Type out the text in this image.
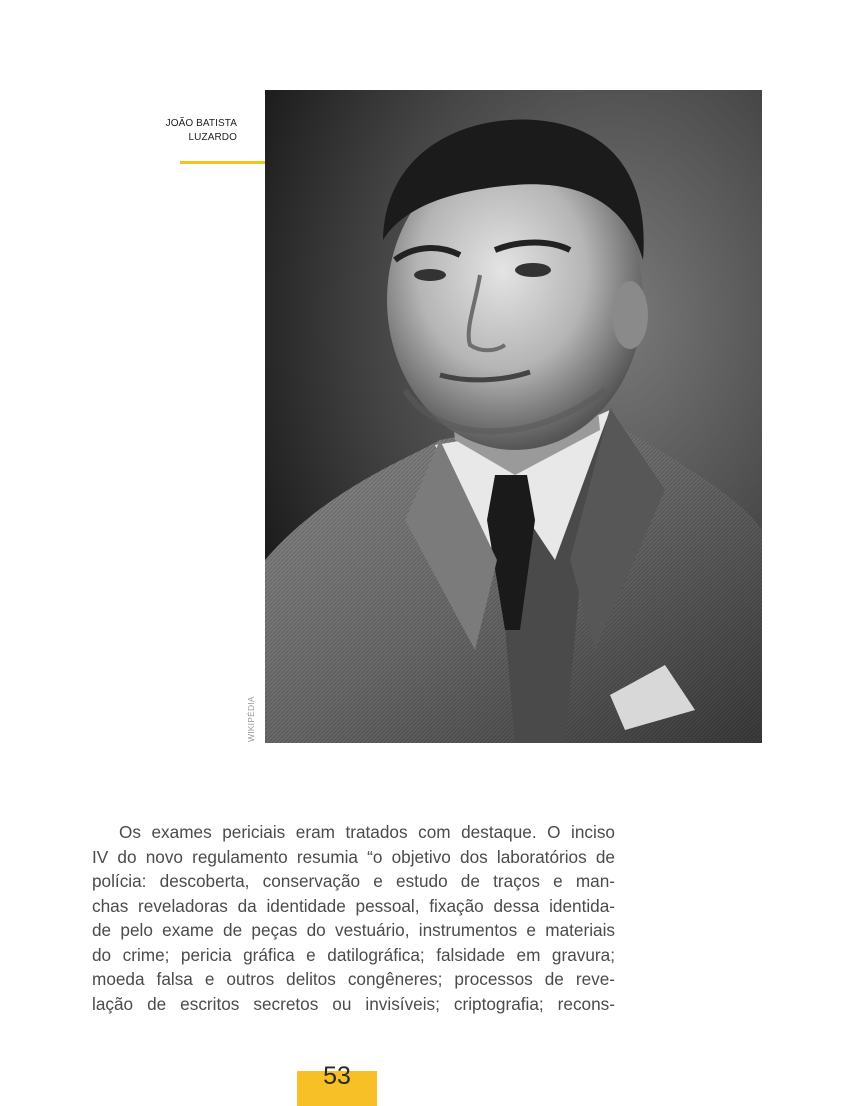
JOÃO BATISTA
LUZARDO
WIKIPÉDIA
Os exames periciais eram tratados com destaque. O inciso
IV do novo regulamento resumia “o objetivo dos laboratórios de
polícia: descoberta, conservação e estudo de traços e man-
chas reveladoras da identidade pessoal, fixação dessa identida-
de pelo exame de peças do vestuário, instrumentos e materiais
do crime; pericia gráfica e datilográfica; falsidade em gravura;
moeda falsa e outros delitos congêneres; processos de reve-
lação de escritos secretos ou invisíveis; criptografia; recons-
53
